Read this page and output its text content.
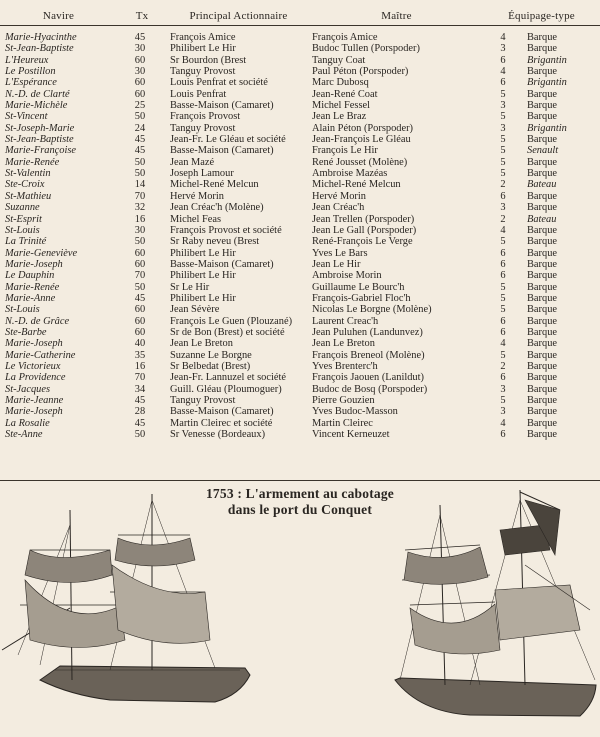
Navire	Tx	Principal Actionnaire	Maître	Équipage-type	
Marie-Hyacinthe	45	François Amice	François Amice	4	Barque
St-Jean-Baptiste	30	Philibert Le Hir	Budoc Tullen (Porspoder)	3	Barque
L'Heureux	60	Sr Bourdon (Brest	Tanguy Coat	6	Brigantin
Le Postillon	30	Tanguy Provost	Paul Péton (Porspoder)	4	Barque
L'Espérance	60	Louis Penfrat et société	Marc Dubosq	6	Brigantin
N.-D. de Clarté	60	Louis Penfrat	Jean-René Coat	5	Barque
Marie-Michèle	25	Basse-Maison (Camaret)	Michel Fessel	3	Barque
St-Vincent	50	François Provost	Jean Le Braz	5	Barque
St-Joseph-Marie	24	Tanguy Provost	Alain Péton (Porspoder)	3	Brigantin
St-Jean-Baptiste	45	Jean-Fr. Le Gléau et société	Jean-François Le Gléau	5	Barque
Marie-Françoise	45	Basse-Maison (Camaret)	François Le Hir	5	Senault
Marie-Renée	50	Jean Mazé	René Jousset (Molène)	5	Barque
St-Valentin	50	Joseph Lamour	Ambroise Mazéas	5	Barque
Ste-Croix	14	Michel-René Melcun	Michel-René Melcun	2	Bateau
St-Mathieu	70	Hervé Morin	Hervé Morin	6	Barque
Suzanne	32	Jean Créac'h (Molène)	Jean Créac'h	3	Barque
St-Esprit	16	Michel Feas	Jean Trellen (Porspoder)	2	Bateau
St-Louis	30	François Provost et société	Jean Le Gall (Porspoder)	4	Barque
La Trinité	50	Sr Raby neveu (Brest	René-François Le Verge	5	Barque
Marie-Geneviève	60	Philibert Le Hir	Yves Le Bars	6	Barque
Marie-Joseph	60	Basse-Maison (Camaret)	Jean Le Hir	6	Barque
Le Dauphin	70	Philibert Le Hir	Ambroise Morin	6	Barque
Marie-Renée	50	Sr Le Hir	Guillaume Le Bourc'h	5	Barque
Marie-Anne	45	Philibert Le Hir	François-Gabriel Floc'h	5	Barque
St-Louis	60	Jean Sévère	Nicolas Le Borgne (Molène)	5	Barque
N.-D. de Grâce	60	François Le Guen (Plouzané)	Laurent Creac'h	6	Barque
Ste-Barbe	60	Sr de Bon (Brest) et société	Jean Puluhen (Landunvez)	6	Barque
Marie-Joseph	40	Jean Le Breton	Jean Le Breton	4	Barque
Marie-Catherine	35	Suzanne Le Borgne	François Breneol (Molène)	5	Barque
Le Victorieux	16	Sr Belbedat (Brest)	Yves Brenterc'h	2	Barque
La Providence	70	Jean-Fr. Lannuzel et société	François Jaouen (Lanildut)	6	Barque
St-Jacques	34	Guill. Gléau (Ploumoguer)	Budoc de Bosq (Porspoder)	3	Barque
Marie-Jeanne	45	Tanguy Provost	Pierre Gouzien	5	Barque
Marie-Joseph	28	Basse-Maison (Camaret)	Yves Budoc-Masson	3	Barque
La Rosalie	45	Martin Cleirec et société	Martin Cleirec	4	Barque
Ste-Anne	50	Sr Venesse (Bordeaux)	Vincent Kerneuzet	6	Barque
1753 : L'armement au cabotage
dans le port du Conquet
